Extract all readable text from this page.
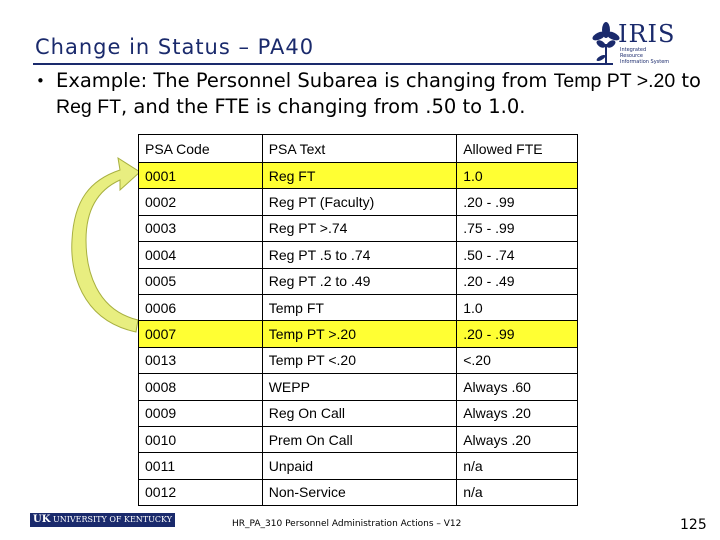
Change in Status – PA40	IRIS
Integrated Resource Information System
• Example: The Personnel Subarea is changing from Temp PT >.20 to Reg FT, and the FTE is changing from .50 to 1.0.
PSA Code	PSA Text	Allowed FTE
0001	Reg FT	1.0
0002	Reg PT (Faculty)	.20 - .99
0003	Reg PT >.74	.75 - .99
0004	Reg PT .5 to .74	.50 - .74
0005	Reg PT .2 to .49	.20 - .49
0006	Temp FT	1.0
0007	Temp PT >.20	.20 - .99
0013	Temp PT <.20	<.20
0008	WEPP	Always .60
0009	Reg On Call	Always .20
0010	Prem On Call	Always .20
0011	Unpaid	n/a
0012	Non-Service	n/a
UK UNIVERSITY OF KENTUCKY	HR_PA_310 Personnel Administration Actions – V12	125
